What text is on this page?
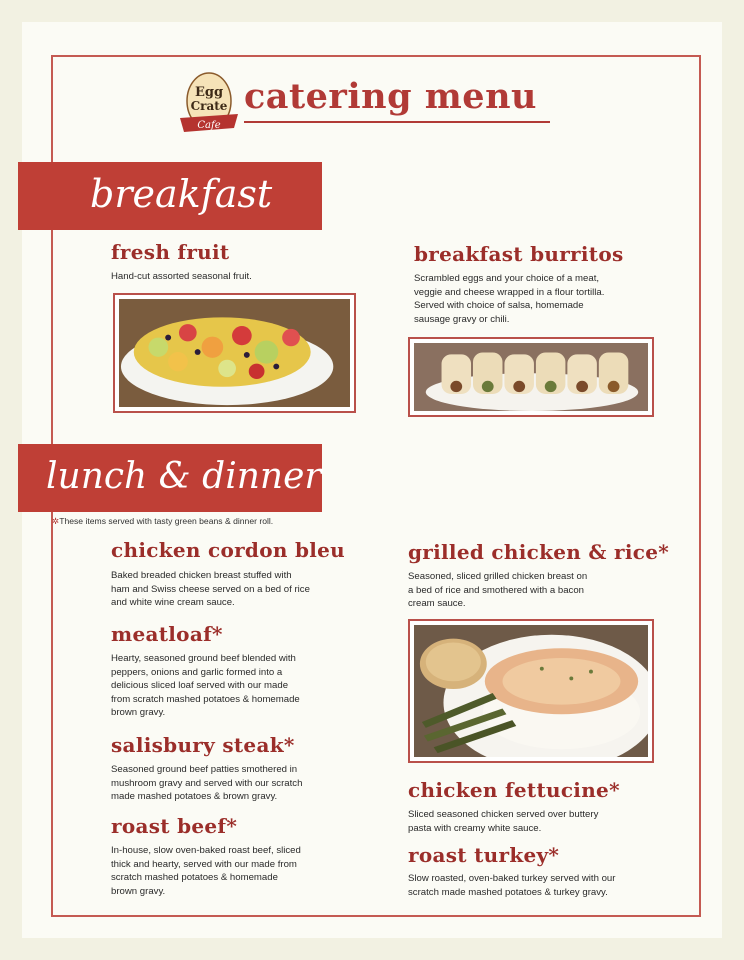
Egg
Crate
Cafe
catering menu
breakfast
fresh fruit
Hand-cut assorted seasonal fruit.
breakfast burritos
Scrambled eggs and your choice of a meat,
veggie and cheese wrapped in a flour tortilla.
Served with choice of salsa, homemade
sausage gravy or chili.
lunch & dinner
✲These items served with tasty green beans & dinner roll.
chicken cordon bleu
Baked breaded chicken breast stuffed with
ham and Swiss cheese served on a bed of rice
and white wine cream sauce.
meatloaf*
Hearty, seasoned ground beef blended with
peppers, onions and garlic formed into a
delicious sliced loaf served with our made
from scratch mashed potatoes & homemade
brown gravy.
salisbury steak*
Seasoned ground beef patties smothered in
mushroom gravy and served with our scratch
made mashed potatoes & brown gravy.
roast beef*
In-house, slow oven-baked roast beef, sliced
thick and hearty, served with our made from
scratch mashed potatoes & homemade
brown gravy.
grilled chicken & rice*
Seasoned, sliced grilled chicken breast on
a bed of rice and smothered with a bacon
cream sauce.
chicken fettucine*
Sliced seasoned chicken served over buttery
pasta with creamy white sauce.
roast turkey*
Slow roasted, oven-baked turkey served with our
scratch made mashed potatoes & turkey gravy.
